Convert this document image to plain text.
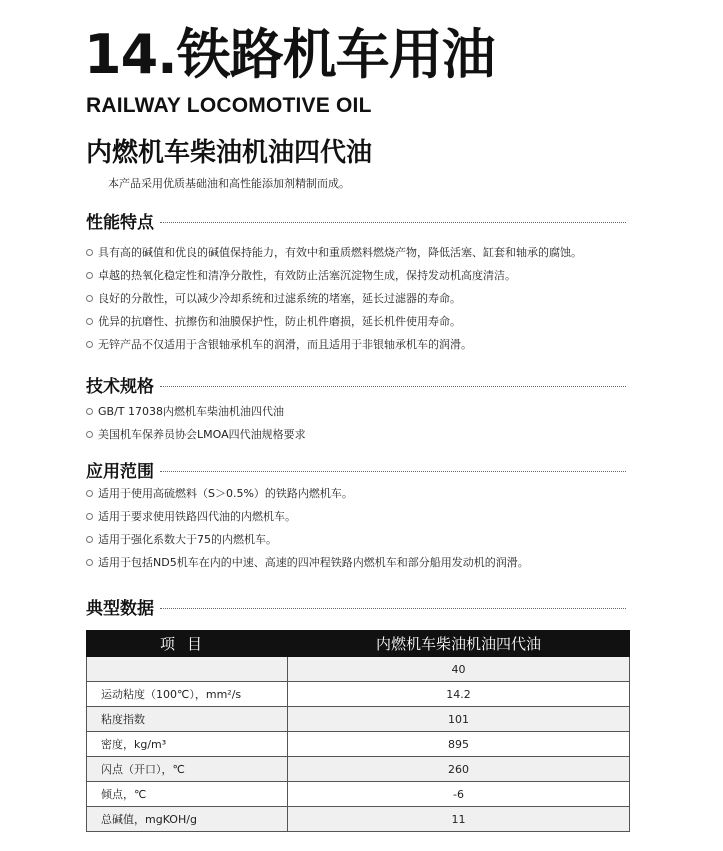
14.铁路机车用油
RAILWAY LOCOMOTIVE OIL
内燃机车柴油机油四代油
本产品采用优质基础油和高性能添加剂精制而成。
性能特点
具有高的碱值和优良的碱值保持能力，有效中和重质燃料燃烧产物，降低活塞、缸套和轴承的腐蚀。
卓越的热氧化稳定性和清净分散性，有效防止活塞沉淀物生成，保持发动机高度清洁。
良好的分散性，可以减少冷却系统和过滤系统的堵塞，延长过滤器的寿命。
优异的抗磨性、抗擦伤和油膜保护性，防止机件磨损，延长机件使用寿命。
无锌产品不仅适用于含银轴承机车的润滑，而且适用于非银轴承机车的润滑。
技术规格
GB/T 17038内燃机车柴油机油四代油
美国机车保养员协会LMOA四代油规格要求
应用范围
适用于使用高硫燃料（S＞0.5%）的铁路内燃机车。
适用于要求使用铁路四代油的内燃机车。
适用于强化系数大于75的内燃机车。
适用于包括ND5机车在内的中速、高速的四冲程铁路内燃机车和部分船用发动机的润滑。
典型数据
项目	内燃机车柴油机油四代油
	40
运动粘度（100℃），mm²/s	14.2
粘度指数	101
密度，kg/m³	895
闪点（开口），℃	260
倾点，℃	-6
总碱值，mgKOH/g	11
